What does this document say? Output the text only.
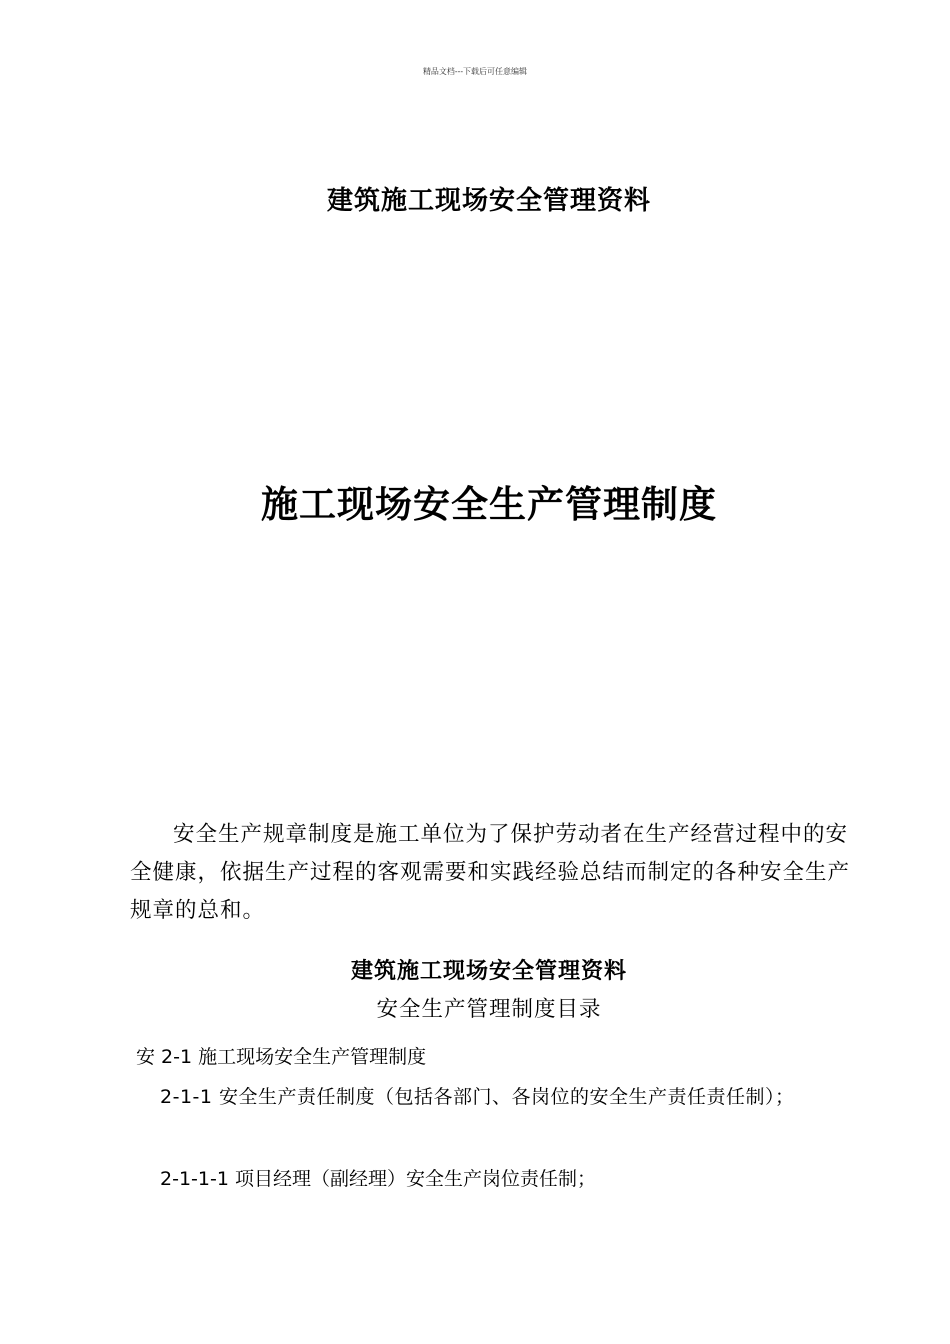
精品文档---下载后可任意编辑
建筑施工现场安全管理资料
施工现场安全生产管理制度

安全生产规章制度是施工单位为了保护劳动者在生产经营过程中的安全健康，依据生产过程的客观需要和实践经验总结而制定的各种安全生产规章的总和。

建筑施工现场安全管理资料
安全生产管理制度目录
安 2-1 施工现场安全生产管理制度
2-1-1 安全生产责任制度（包括各部门、各岗位的安全生产责任责任制）；
2-1-1-1 项目经理（副经理）安全生产岗位责任制；
